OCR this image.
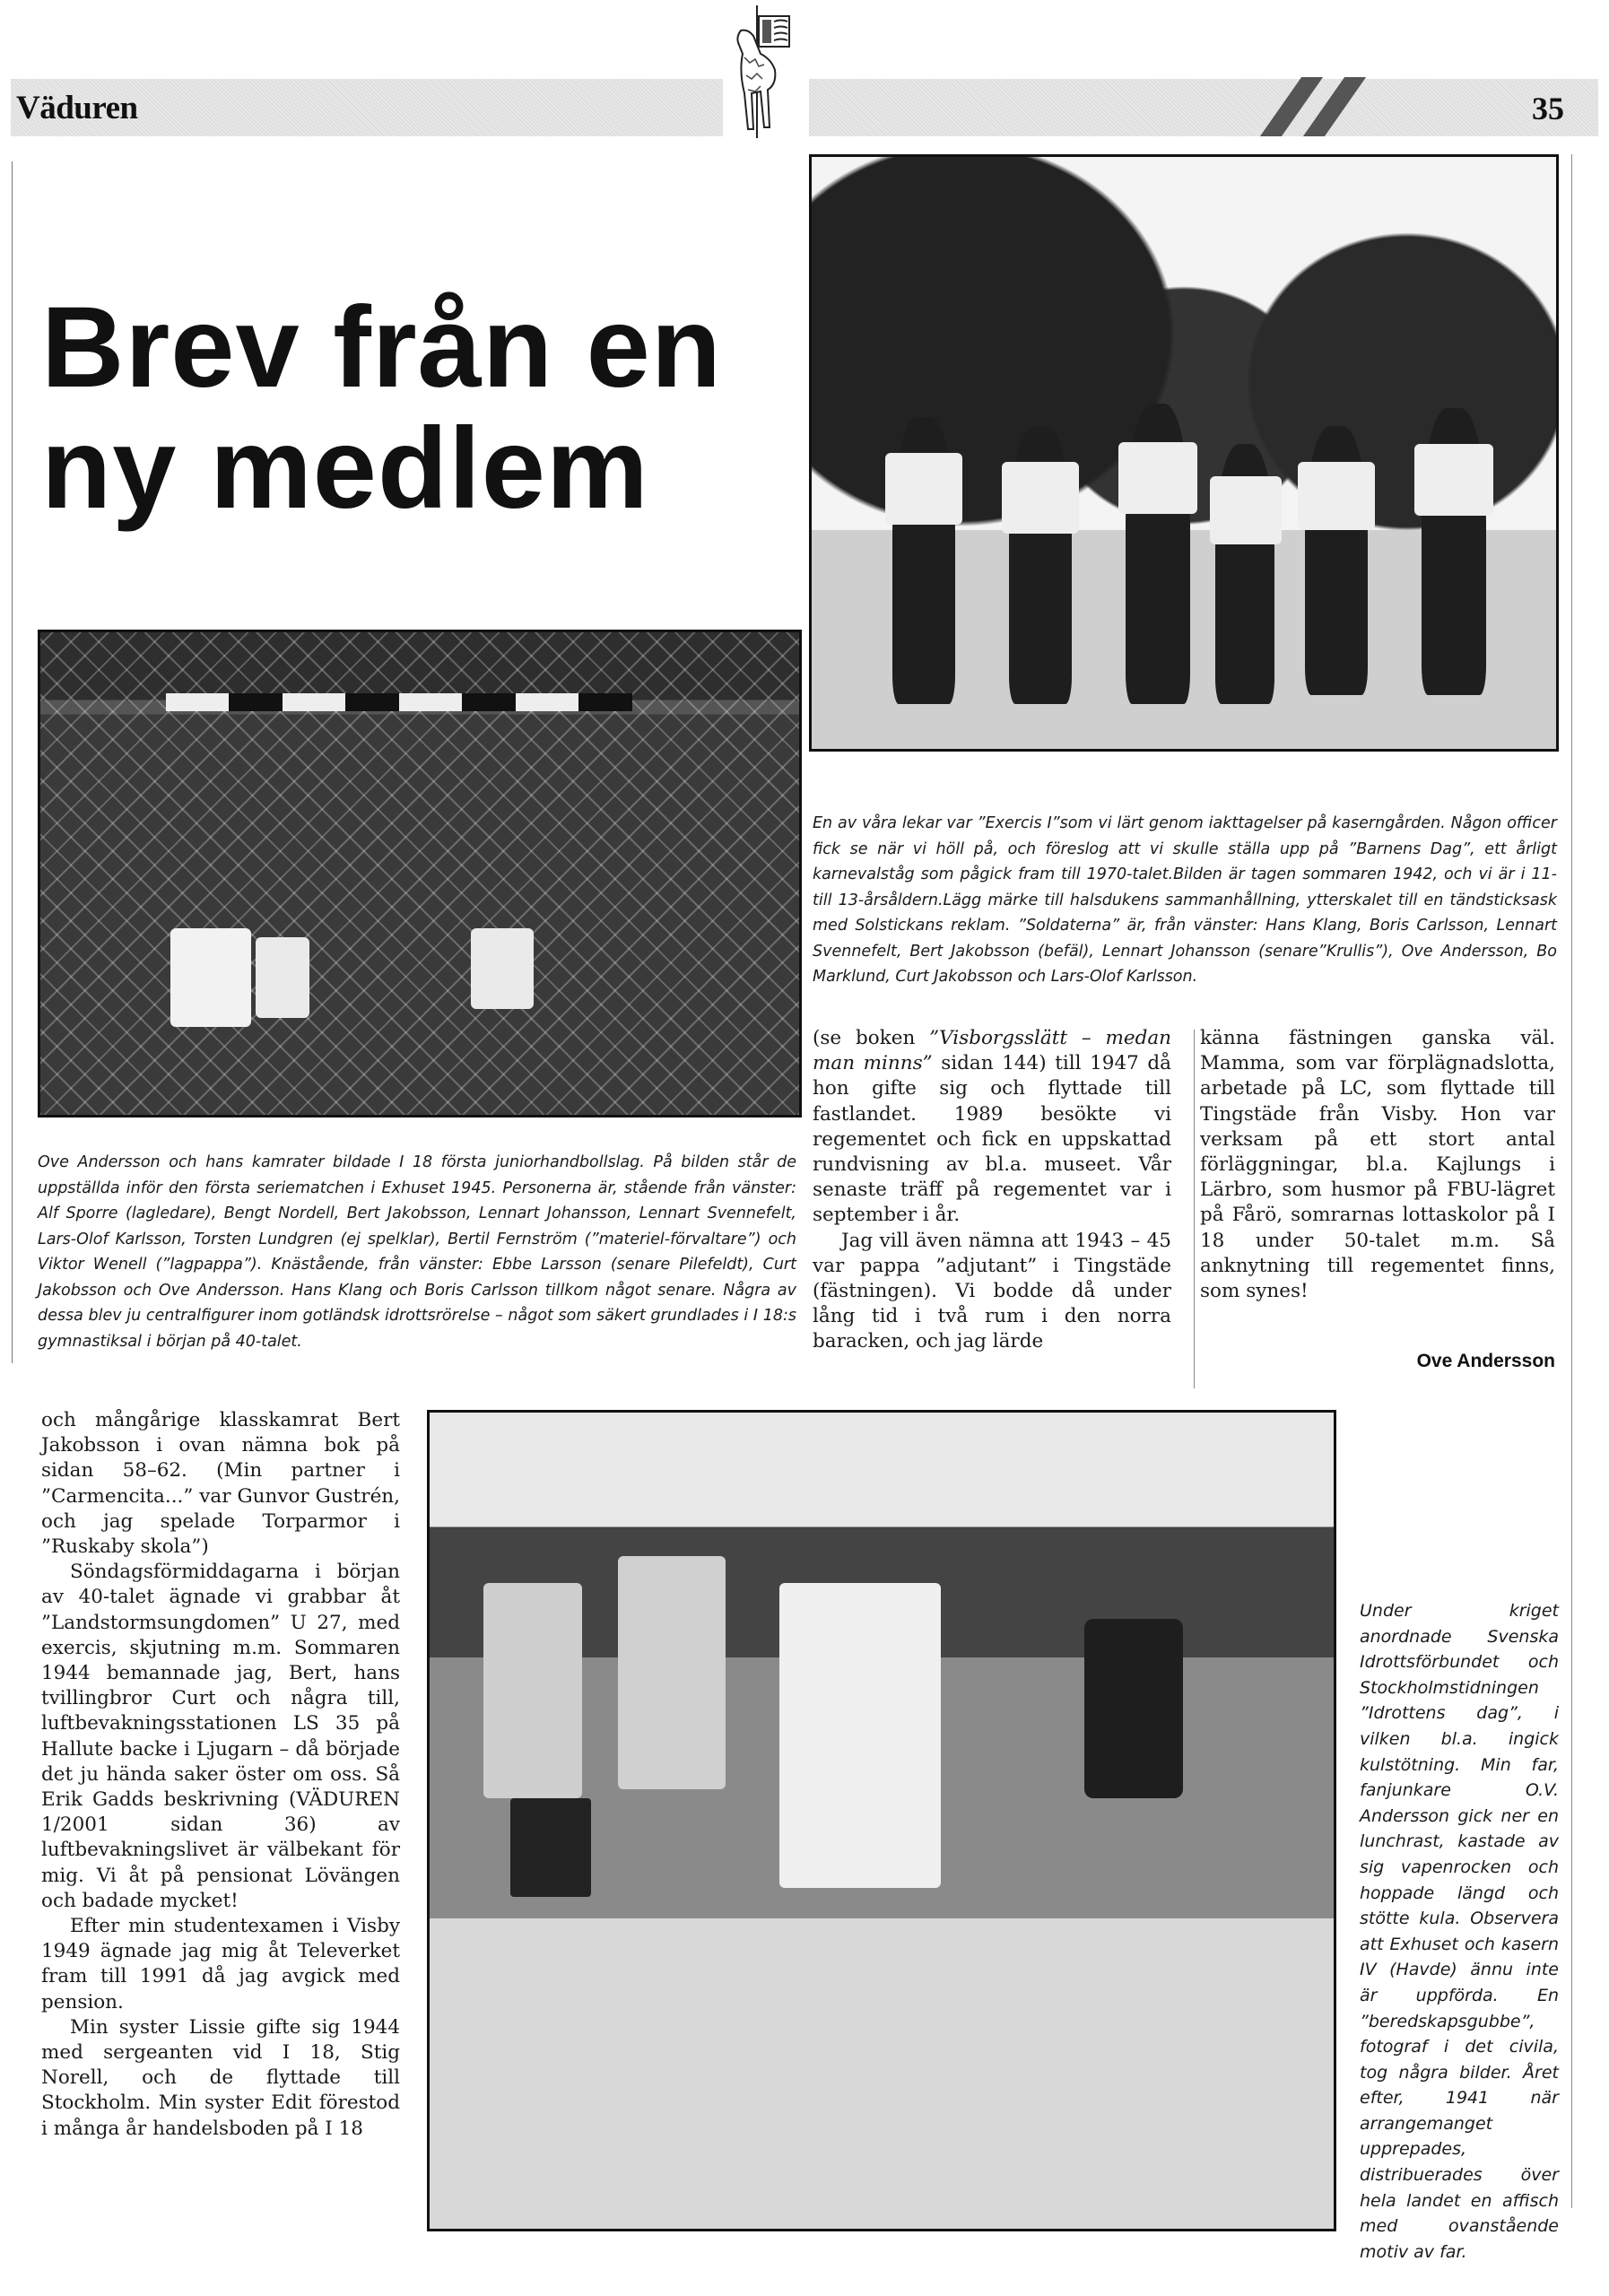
Väduren	35
Brev från en
ny medlem
En av våra lekar var ”Exercis I”som vi lärt genom iakttagelser på kaserngården. Någon officer fick se när vi höll på, och föreslog att vi skulle ställa upp på ”Barnens Dag”, ett årligt karnevalståg som pågick fram till 1970-talet.Bilden är tagen sommaren 1942, och vi är i 11- till 13-årsåldern.Lägg märke till halsdukens sammanhållning, ytterskalet till en tändsticksask med Solstickans reklam. ”Soldaterna” är, från vänster: Hans Klang, Boris Carlsson, Lennart Svennefelt, Bert Jakobsson (befäl), Lennart Johansson (senare”Krullis”), Ove Andersson, Bo Marklund, Curt Jakobsson och Lars-Olof Karlsson.
Ove Andersson och hans kamrater bildade I 18 första juniorhandbollslag. På bilden står de uppställda inför den första seriematchen i Exhuset 1945. Personerna är, stående från vänster: Alf Sporre (lagledare), Bengt Nordell, Bert Jakobsson, Lennart Johansson, Lennart Svennefelt, Lars-Olof Karlsson, Torsten Lundgren (ej spelklar), Bertil Fernström (”materiel-förvaltare”) och Viktor Wenell (”lagpappa”). Knästående, från vänster: Ebbe Larsson (senare Pilefeldt), Curt Jakobsson och Ove Andersson. Hans Klang och Boris Carlsson tillkom något senare. Några av dessa blev ju centralfigurer inom gotländsk idrottsrörelse – något som säkert grundlades i I 18:s gymnastiksal i början på 40-talet.

(se boken ”Visborgsslätt – medan man minns” sidan 144) till 1947 då hon gifte sig och flyttade till fastlandet. 1989 besökte vi regementet och fick en uppskattad rundvisning av bl.a. museet. Vår senaste träff på regementet var i september i år.

Jag vill även nämna att 1943 – 45 var pappa ”adjutant” i Tingstäde (fästningen). Vi bodde då under lång tid i två rum i den norra baracken, och jag lärde

känna fästningen ganska väl. Mamma, som var förplägnadslotta, arbetade på LC, som flyttade till Tingstäde från Visby. Hon var verksam på ett stort antal förläggningar, bl.a. Kajlungs i Lärbro, som husmor på FBU-lägret på Fårö, somrarnas lottaskolor på I 18 under 50-talet m.m. Så anknytning till regementet finns, som synes!

Ove Andersson

och mångårige klasskamrat Bert Jakobsson i ovan nämna bok på sidan 58–62. (Min partner i ”Carmencita...” var Gunvor Gustrén, och jag spelade Torparmor i ”Ruskaby skola”)

Söndagsförmiddagarna i början av 40-talet ägnade vi grabbar åt ”Landstormsungdomen” U 27, med exercis, skjutning m.m. Sommaren 1944 bemannade jag, Bert, hans tvillingbror Curt och några till, luftbevakningsstationen LS 35 på Hallute backe i Ljugarn – då började det ju hända saker öster om oss. Så Erik Gadds beskrivning (VÄDUREN 1/2001 sidan 36) av luftbevakningslivet är välbekant för mig. Vi åt på pensionat Lövängen och badade mycket!

Efter min studentexamen i Visby 1949 ägnade jag mig åt Televerket fram till 1991 då jag avgick med pension.

Min syster Lissie gifte sig 1944 med sergeanten vid I 18, Stig Norell, och de flyttade till Stockholm. Min syster Edit förestod i många år handelsboden på I 18

Under kriget anordnade Svenska Idrottsförbundet och Stockholmstidningen ”Idrottens dag”, i vilken bl.a. ingick kulstötning. Min far, fanjunkare O.V. Andersson gick ner en lunchrast, kastade av sig vapenrocken och hoppade längd och stötte kula. Observera att Exhuset och kasern IV (Havde) ännu inte är uppförda. En ”beredskapsgubbe”, fotograf i det civila, tog några bilder. Året efter, 1941 när arrangemanget upprepades, distribuerades över hela landet en affisch med ovanstående motiv av far.
